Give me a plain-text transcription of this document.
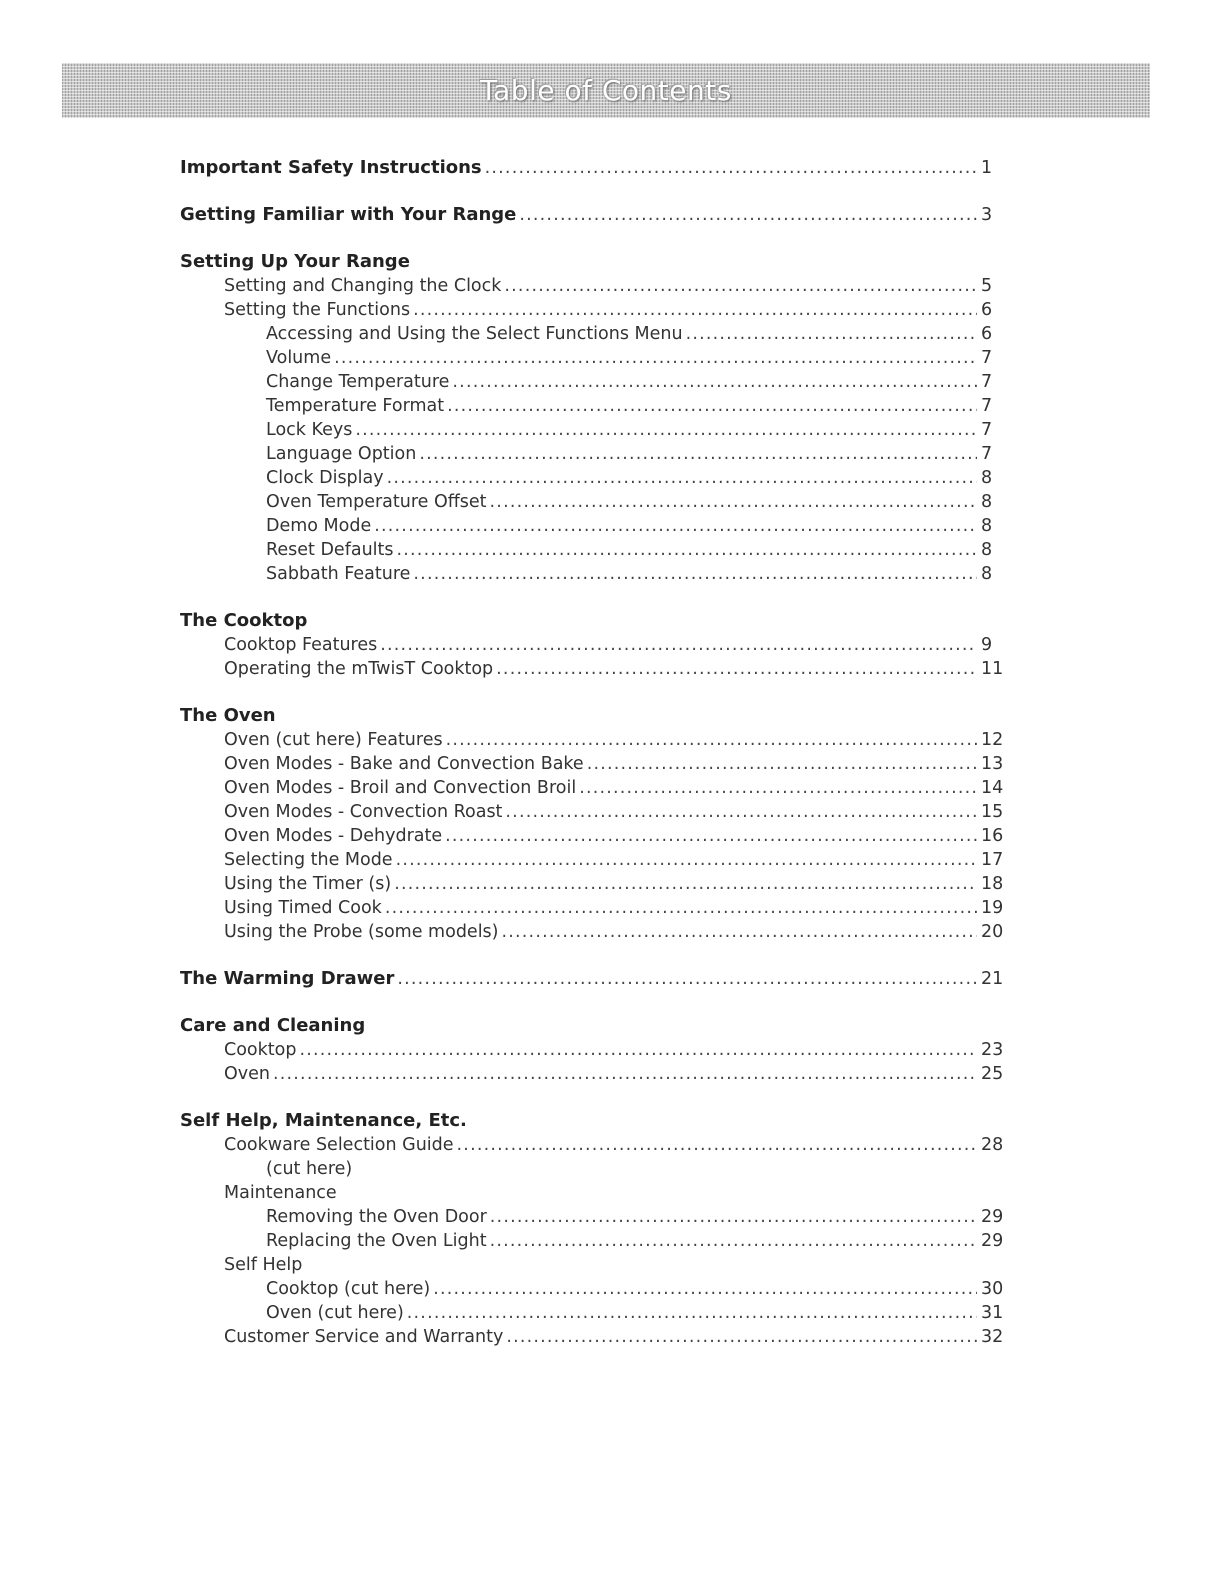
Table of Contents
Important Safety Instructions .....	1
Getting Familiar with Your Range .....	3
Setting Up Your Range
Setting and Changing the Clock .....	5
Setting the Functions .....	6
Accessing and Using the Select Functions Menu .....	6
Volume .....	7
Change Temperature .....	7
Temperature Format .....	7
Lock Keys .....	7
Language Option .....	7
Clock Display .....	8
Oven Temperature Offset .....	8
Demo Mode .....	8
Reset Defaults .....	8
Sabbath Feature .....	8
The Cooktop
Cooktop Features .....	9
Operating the mTwisT Cooktop .....	11
The Oven
Oven (cut here) Features .....	12
Oven Modes - Bake and Convection Bake .....	13
Oven Modes - Broil and Convection Broil .....	14
Oven Modes - Convection Roast .....	15
Oven Modes - Dehydrate .....	16
Selecting the Mode .....	17
Using the Timer (s) .....	18
Using Timed Cook .....	19
Using the Probe (some models) .....	20
The Warming Drawer .....	21
Care and Cleaning
Cooktop .....	23
Oven .....	25
Self Help, Maintenance, Etc.
Cookware Selection Guide .....	28
(cut here)
Maintenance
Removing the Oven Door .....	29
Replacing the Oven Light .....	29
Self Help
Cooktop (cut here) .....	30
Oven (cut here) .....	31
Customer Service and Warranty .....	32
